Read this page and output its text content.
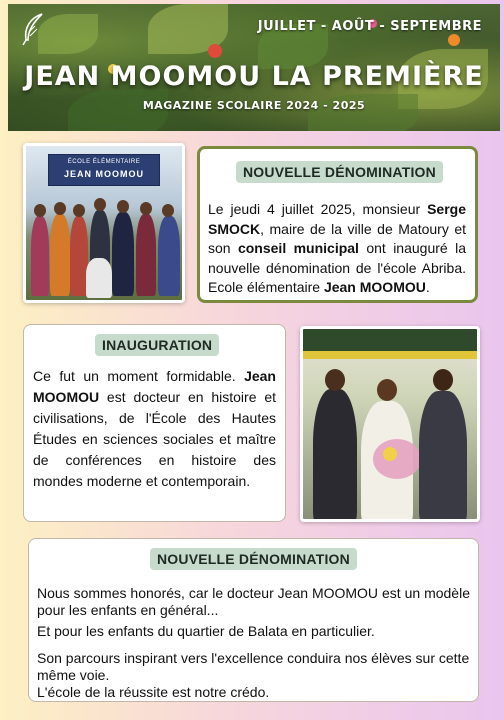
JUILLET - AOÛT - SEPTEMBRE
JEAN MOOMOU LA PREMIÈRE
MAGAZINE SCOLAIRE 2024 - 2025
ÉCOLE ÉLÉMENTAIRE
JEAN MOOMOU	NOUVELLE DÉNOMINATION
Le jeudi 4 juillet 2025, monsieur Serge SMOCK, maire de la ville de Matoury et son conseil municipal ont inauguré la nouvelle dénomination de l'école Abriba. Ecole élémentaire Jean MOOMOU.
INAUGURATION
Ce fut un moment formidable. Jean MOOMOU est docteur en histoire et civilisations, de l'École des Hautes Études en sciences sociales et maître de conférences en histoire des mondes moderne et contemporain.
NOUVELLE DÉNOMINATION
Nous sommes honorés, car le docteur Jean MOOMOU est un modèle pour les enfants en général...
Et pour les enfants du quartier de Balata en particulier.
Son parcours inspirant vers l'excellence conduira nos élèves sur cette même voie.
L'école de la réussite est notre crédo.
